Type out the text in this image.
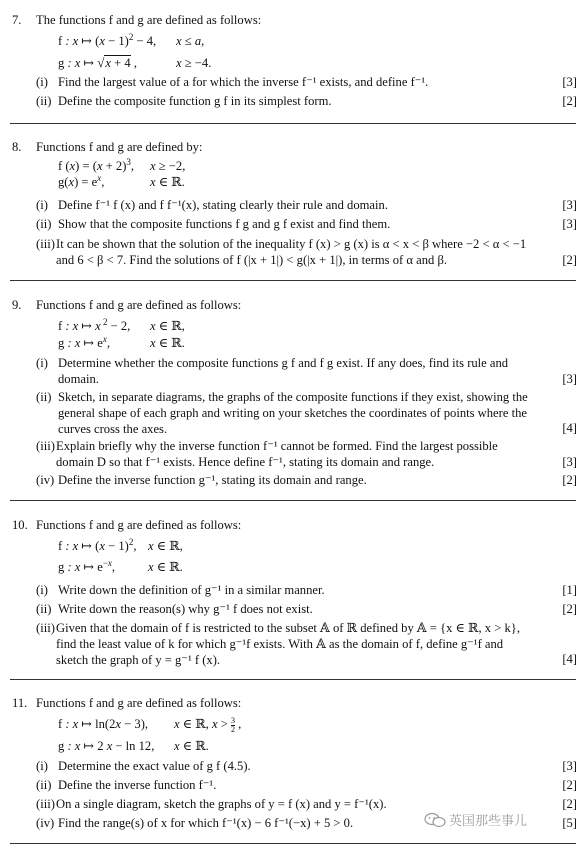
7. The functions f and g are defined as follows:
f : x ↦ $(x - 1)^2 - 4$, x ≤ a,
g : x ↦ √x + 4 ,	x ≥ −4.
(i) Find the largest value of a for which the inverse f⁻¹ exists, and define f⁻¹.	[3]
(ii) Define the composite function g f in its simplest form.	[2]
8. Functions f and g are defined by:
f $(x) = (x + 2)^3$, x ≥ −2,
$g(x) = e^x$,	x ∈ ℝ.
(i) Define f⁻¹ f (x) and f f⁻¹(x), stating clearly their rule and domain.	[3]
(ii) Show that the composite functions f g and g f exist and find them.	[3]
(iii) It can be shown that the solution of the inequality f (x) > g (x) is α < x < β where −2 < α < −1
and 6 < β < 7. Find the solutions of f (|x + 1|) < g(|x + 1|), in terms of α and β.	[2]
9. Functions f and g are defined as follows:
f : x ↦ x $^2$ − 2, x ∈ ℝ,
g : x ↦ $e^x$,	x ∈ ℝ.
(i) Determine whether the composite functions g f and f g exist. If any does, find its rule and
domain.	[3]
(ii) Sketch, in separate diagrams, the graphs of the composite functions if they exist, showing the
general shape of each graph and writing on your sketches the coordinates of points where the
curves cross the axes.	[4]
(iii) Explain briefly why the inverse function f⁻¹ cannot be formed. Find the largest possible
domain D so that f⁻¹ exists. Hence define f⁻¹, stating its domain and range.	[3]
(iv) Define the inverse function g⁻¹, stating its domain and range.	[2]
10. Functions f and g are defined as follows:
f : x ↦ $(x - 1)^2$, x ∈ ℝ,
g : x ↦ $e^{-x}$,	x ∈ ℝ.
(i) Write down the definition of g⁻¹ in a similar manner.	[1]
(ii) Write down the reason(s) why g⁻¹ f does not exist.	[2]
(iii) Given that the domain of f is restricted to the subset 𝔸 of ℝ defined by 𝔸 = {x ∈ ℝ, x > k},
find the least value of k for which g⁻¹f exists. With 𝔸 as the domain of f, define g⁻¹f and
sketch the graph of y = g⁻¹ f (x).	[4]
11. Functions f and g are defined as follows:
f : x ↦ ln(2x − 3), x ∈ ℝ, $x > \frac{3}{2}$ ,
g : x ↦ 2 x − ln 12, x ∈ ℝ.
(i) Determine the exact value of g f (4.5).	[3]
(ii) Define the inverse function f⁻¹.	[2]
(iii) On a single diagram, sketch the graphs of y = f (x) and y = f⁻¹(x).	[2]
(iv) Find the range(s) of x for which f⁻¹(x) − 6 f⁻¹(−x) + 5 > 0.	[5]
英国那些事儿
